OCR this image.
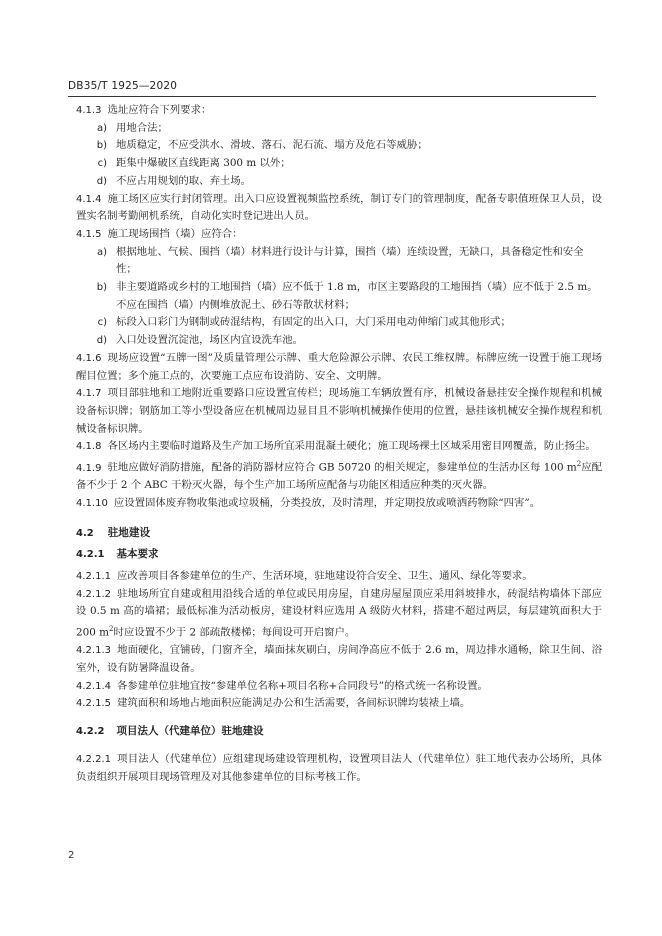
DB35/T 1925—2020

4.1.3 选址应符合下列要求：

a) 用地合法；
b) 地质稳定，不应受洪水、滑坡、落石、泥石流、塌方及危石等威胁；
c) 距集中爆破区直线距离 300 m 以外；
d) 不应占用规划的取、弃土场。

4.1.4 施工场区应实行封闭管理。出入口应设置视频监控系统，制订专门的管理制度，配备专职值班保卫人员，设置实名制考勤闸机系统，自动化实时登记进出人员。

4.1.5 施工现场围挡（墙）应符合：

a) 根据地址、气候、围挡（墙）材料进行设计与计算，围挡（墙）连续设置，无缺口，具备稳定性和安全性；
b) 非主要道路或乡村的工地围挡（墙）应不低于 1.8 m，市区主要路段的工地围挡（墙）应不低于 2.5 m。不应在围挡（墙）内侧堆放泥土、砂石等散状材料；
c) 标段入口彩门为钢制或砖混结构，有固定的出入口，大门采用电动伸缩门或其他形式；
d) 入口处设置沉淀池，场区内宜设洗车池。

4.1.6 现场应设置“五牌一图”及质量管理公示牌、重大危险源公示牌、农民工维权牌。标牌应统一设置于施工现场醒目位置；多个施工点的，次要施工点应布设消防、安全、文明牌。

4.1.7 项目部驻地和工地附近重要路口应设置宣传栏；现场施工车辆放置有序，机械设备悬挂安全操作规程和机械设备标识牌；钢筋加工等小型设备应在机械周边显目且不影响机械操作使用的位置，悬挂该机械安全操作规程和机械设备标识牌。

4.1.8 各区场内主要临时道路及生产加工场所宜采用混凝土硬化；施工现场裸土区域采用密目网覆盖，防止扬尘。

4.1.9 驻地应做好消防措施，配备的消防器材应符合 GB 50720 的相关规定，参建单位的生活办区每 100 $m^2$应配备不少于 2 个 ABC 干粉灭火器，每个生产加工场所应配备与功能区相适应种类的灭火器。

4.1.10 应设置固体废弃物收集池或垃圾桶，分类投放，及时清理，并定期投放或喷洒药物除“四害”。

4.2 驻地建设
4.2.1 基本要求

4.2.1.1 应改善项目各参建单位的生产、生活环境，驻地建设符合安全、卫生、通风、绿化等要求。

4.2.1.2 驻地场所宜自建或租用沿线合适的单位或民用房屋，自建房屋屋顶应采用斜坡排水，砖混结构墙体下部应设 0.5 m 高的墙裙；最低标准为活动板房，建设材料应选用 A 级防火材料，搭建不超过两层，每层建筑面积大于 200 $m^2$时应设置不少于 2 部疏散楼梯；每间设可开启窗户。

4.2.1.3 地面硬化，宜铺砖，门窗齐全，墙面抹灰刷白，房间净高应不低于 2.6 m，周边排水通畅，除卫生间、浴室外，设有防暑降温设备。

4.2.1.4 各参建单位驻地宜按“参建单位名称+项目名称+合同段号”的格式统一名称设置。

4.2.1.5 建筑面积和场地占地面积应能满足办公和生活需要，各间标识牌均装裱上墙。

4.2.2 项目法人（代建单位）驻地建设

4.2.2.1 项目法人（代建单位）应组建现场建设管理机构，设置项目法人（代建单位）驻工地代表办公场所，具体负责组织开展项目现场管理及对其他参建单位的目标考核工作。

2
